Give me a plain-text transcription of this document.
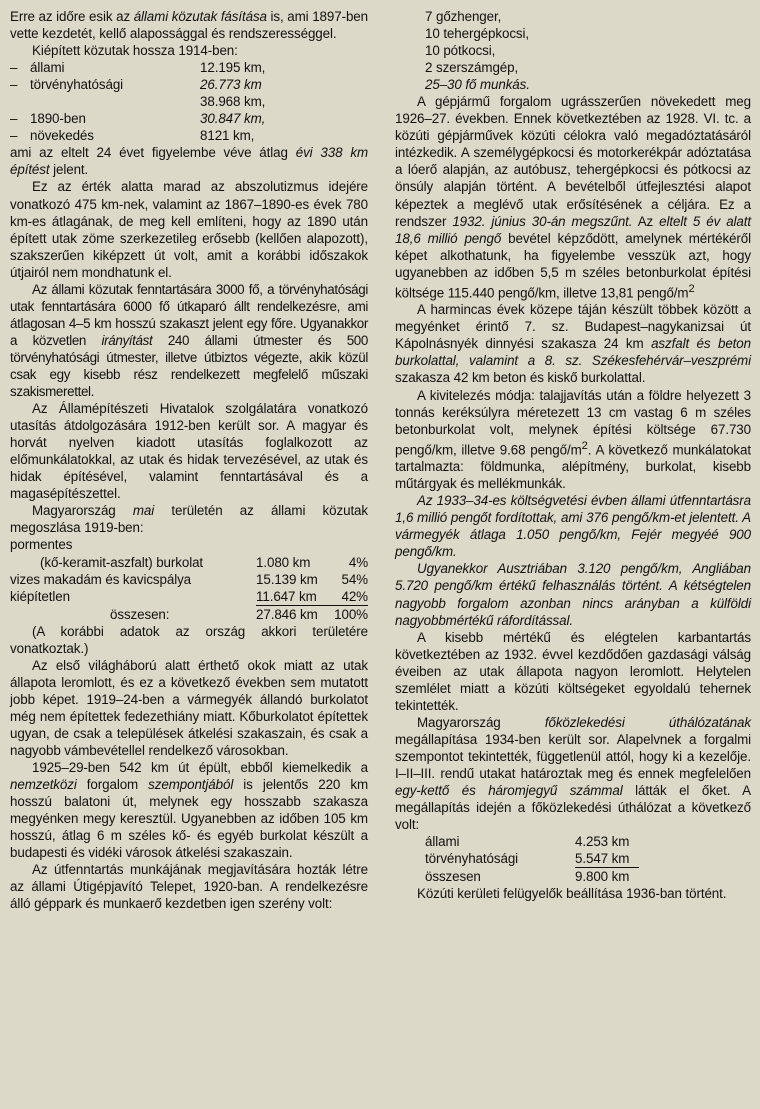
Erre az időre esik az állami közutak fásítása is, ami 1897-ben vette kezdetét, kellő alapossággal és rendszerességgel.

Kiépített közutak hossza 1914-ben:

– állami	12.195 km,
– törvényhatósági	26.773 km
38.968 km,
– 1890-ben	30.847 km,
– növekedés	8121 km,

ami az eltelt 24 évet figyelembe véve átlag évi 338 km építést jelent.

Ez az érték alatta marad az abszolutizmus idejére vonatkozó 475 km-nek, valamint az 1867–1890-es évek 780 km-es átlagának, de meg kell említeni, hogy az 1890 után épített utak zöme szerkezetileg erősebb (kellően alapozott), szakszerűen kiképzett út volt, amit a korábbi időszakok útjairól nem mondhatunk el.

Az állami közutak fenntartására 3000 fő, a törvényhatósági utak fenntartására 6000 fő útkaparó állt rendelkezésre, ami átlagosan 4–5 km hosszú szakaszt jelent egy főre. Ugyanakkor a közvetlen irányítást 240 állami útmester és 500 törvényhatósági útmester, illetve útbiztos végezte, akik közül csak egy kisebb rész rendelkezett megfelelő műszaki szakismerettel.

Az Államépítészeti Hivatalok szolgálatára vonatkozó utasítás átdolgozására 1912-ben került sor. A magyar és horvát nyelven kiadott utasítás foglalkozott az előmunkálatokkal, az utak és hidak tervezésével, az utak és hidak építésével, valamint fenntartásával és a magasépítészettel.

Magyarország mai területén az állami közutak megoszlása 1919-ben:

pormentes
(kő-keramit-aszfalt) burkolat	1.080 km	4%
vizes makadám és kavicspálya	15.139 km	54%
kiépítetlen	11.647 km	42%
összesen:	27.846 km	100%

(A korábbi adatok az ország akkori területére vonatkoztak.)

Az első világháború alatt érthető okok miatt az utak állapota leromlott, és ez a következő években sem mutatott jobb képet. 1919–24-ben a vármegyék állandó burkolatot még nem építettek fedezethiány miatt. Kőburkolatot építettek ugyan, de csak a települések átkelési szakaszain, és csak a nagyobb vámbevétellel rendelkező városokban.

1925–29-ben 542 km út épült, ebből kiemelkedik a nemzetközi forgalom szempontjából is jelentős 220 km hosszú balatoni út, melynek egy hosszabb szakasza megyénken megy keresztül. Ugyanebben az időben 105 km hosszú, átlag 6 m széles kő- és egyéb burkolat készült a budapesti és vidéki városok átkelési szakaszain.

Az útfenntartás munkájának megjavítására hozták létre az állami Útigépjavító Telepet, 1920-ban. A rendelkezésre álló géppark és munkaerő kezdetben igen szerény volt:

7 gőzhenger,
10 tehergépkocsi,
10 pótkocsi,
2 szerszámgép,
25–30 fő munkás.

A gépjármű forgalom ugrásszerűen növekedett meg 1926–27. években. Ennek következtében az 1928. VI. tc. a közúti gépjárművek közúti célokra való megadóztatásáról intézkedik. A személygépkocsi és motorkerékpár adóztatása a lóerő alapján, az autóbusz, tehergépkocsi és pótkocsi az önsúly alapján történt. A bevételből útfejlesztési alapot képeztek a meglévő utak erősítésének a céljára. Ez a rendszer 1932. június 30-án megszűnt. Az eltelt 5 év alatt 18,6 millió pengő bevétel képződött, amelynek mértékéről képet alkothatunk, ha figyelembe vesszük azt, hogy ugyanebben az időben 5,5 m széles betonburkolat építési költsége 115.440 pengő/km, illetve 13,81 pengő/$m^2$

A harmincas évek közepe táján készült többek között a megyénket érintő 7. sz. Budapest–nagykanizsai út Kápolnásnyék dinnyési szakasza 24 km aszfalt és beton burkolattal, valamint a 8. sz. Székesfehérvár–veszprémi szakasza 42 km beton és kiskő burkolattal.

A kivitelezés módja: talajjavítás után a földre helyezett 3 tonnás keréksúlyra méretezett 13 cm vastag 6 m széles betonburkolat volt, melynek építési költsége 67.730 pengő/km, illetve 9.68 pengő/$m^2$. A következő munkálatokat tartalmazta: földmunka, alépítmény, burkolat, kisebb műtárgyak és mellékmunkák.

Az 1933–34-es költségvetési évben állami útfenntartásra 1,6 millió pengőt fordítottak, ami 376 pengő/km-et jelentett. A vármegyék átlaga 1.050 pengő/km, Fejér megyéé 900 pengő/km.

Ugyanekkor Ausztriában 3.120 pengő/km, Angliában 5.720 pengő/km értékű felhasználás történt. A kétségtelen nagyobb forgalom azonban nincs arányban a külföldi nagyobbmértékű ráfordítással.

A kisebb mértékű és elégtelen karbantartás következtében az 1932. évvel kezdődően gazdasági válság éveiben az utak állapota nagyon leromlott. Helytelen szemlélet miatt a közúti költségeket egyoldalú tehernek tekintették.

Magyarország főközlekedési úthálózatának megállapítása 1934-ben került sor. Alapelvnek a forgalmi szempontot tekintették, függetlenül attól, hogy ki a kezelője. I–II–III. rendű utakat határoztak meg és ennek megfelelően egy-kettő és háromjegyű számmal látták el őket. A megállapítás idején a főközlekedési úthálózat a következő volt:

állami	4.253 km
törvényhatósági	5.547 km
összesen	9.800 km

Közúti kerületi felügyelők beállítása 1936-ban történt.
